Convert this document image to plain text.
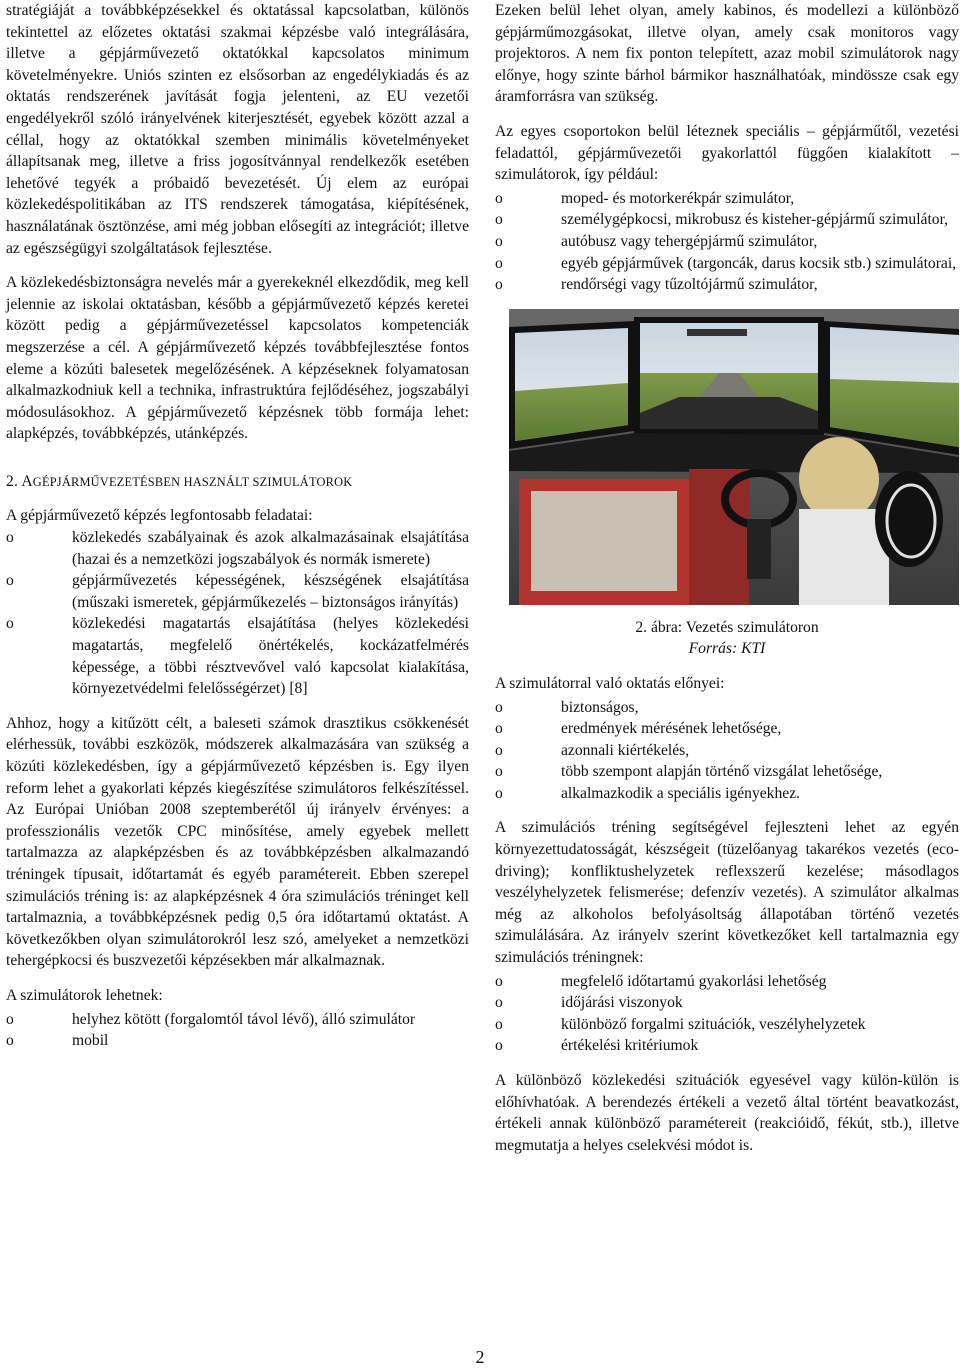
stratégiáját a továbbképzésekkel és oktatással kapcsolatban, különös tekintettel az előzetes oktatási szakmai képzésbe való integrálására, illetve a gépjárművezető oktatókkal kapcsolatos minimum követelményekre. Uniós szinten ez elsősorban az engedélykiadás és az oktatás rendszerének javítását fogja jelenteni, az EU vezetői engedélyekről szóló irányelvének kiterjesztését, egyebek között azzal a céllal, hogy az oktatókkal szemben minimális követelményeket állapítsanak meg, illetve a friss jogosítvánnyal rendelkezők esetében lehetővé tegyék a próbaidő bevezetését. Új elem az európai közlekedéspolitikában az ITS rendszerek támogatása, kiépítésének, használatának ösztönzése, ami még jobban elősegíti az integrációt; illetve az egészségügyi szolgáltatások fejlesztése.

A közlekedésbiztonságra nevelés már a gyerekeknél elkezdődik, meg kell jelennie az iskolai oktatásban, később a gépjárművezető képzés keretei között pedig a gépjárművezetéssel kapcsolatos kompetenciák megszerzése a cél. A gépjárművezető képzés továbbfejlesztése fontos eleme a közúti balesetek megelőzésének. A képzéseknek folyamatosan alkalmazkodniuk kell a technika, infrastruktúra fejlődéséhez, jogszabályi módosulásokhoz. A gépjárművezető képzésnek több formája lehet: alapképzés, továbbképzés, utánképzés.

2. AGÉPJÁRMŰVEZETÉSBEN HASZNÁLT SZIMULÁTOROK

A gépjárművezető képzés legfontosabb feladatai:

o	közlekedés szabályainak és azok alkalmazásainak elsajátítása (hazai és a nemzetközi jogszabályok és normák ismerete)
o	gépjárművezetés képességének, készségének elsajátítása (műszaki ismeretek, gépjárműkezelés – biztonságos irányítás)
o	közlekedési magatartás elsajátítása (helyes közlekedési magatartás, megfelelő önértékelés, kockázatfelmérés képessége, a többi résztvevővel való kapcsolat kialakítása, környezetvédelmi felelősségérzet) [8]

Ahhoz, hogy a kitűzött célt, a baleseti számok drasztikus csökkenését elérhessük, további eszközök, módszerek alkalmazására van szükség a közúti közlekedésben, így a gépjárművezető képzésben is. Egy ilyen reform lehet a gyakorlati képzés kiegészítése szimulátoros felkészítéssel. Az Európai Unióban 2008 szeptemberétől új irányelv érvényes: a professzionális vezetők CPC minősítése, amely egyebek mellett tartalmazza az alapképzésben és az továbbképzésben alkalmazandó tréningek típusait, időtartamát és egyéb paramétereit. Ebben szerepel szimulációs tréning is: az alapképzésnek 4 óra szimulációs tréninget kell tartalmaznia, a továbbképzésnek pedig 0,5 óra időtartamú oktatást. A következőkben olyan szimulátorokról lesz szó, amelyeket a nemzetközi tehergépkocsi és buszvezetői képzésekben már alkalmaznak.

A szimulátorok lehetnek:

o	helyhez kötött (forgalomtól távol lévő), álló szimulátor
o	mobil

Ezeken belül lehet olyan, amely kabinos, és modellezi a különböző gépjárműmozgásokat, illetve olyan, amely csak monitoros vagy projektoros. A nem fix ponton telepített, azaz mobil szimulátorok nagy előnye, hogy szinte bárhol bármikor használhatóak, mindössze csak egy áramforrásra van szükség.

Az egyes csoportokon belül léteznek speciális – gépjárműtől, vezetési feladattól, gépjárművezetői gyakorlattól függően kialakított – szimulátorok, így például:

o	moped- és motorkerékpár szimulátor,
o	személygépkocsi, mikrobusz és kisteher-gépjármű szimulátor,
o	autóbusz vagy tehergépjármű szimulátor,
o	egyéb gépjárművek (targoncák, darus kocsik stb.) szimulátorai,
o	rendőrségi vagy tűzoltójármű szimulátor,

2. ábra: Vezetés szimulátoron

Forrás: KTI

A szimulátorral való oktatás előnyei:

o	biztonságos,
o	eredmények mérésének lehetősége,
o	azonnali kiértékelés,
o	több szempont alapján történő vizsgálat lehetősége,
o	alkalmazkodik a speciális igényekhez.

A szimulációs tréning segítségével fejleszteni lehet az egyén környezettudatosságát, készségeit (tüzelőanyag takarékos vezetés (eco-driving); konfliktushelyzetek reflexszerű kezelése; másodlagos veszélyhelyzetek felismerése; defenzív vezetés). A szimulátor alkalmas még az alkoholos befolyásoltság állapotában történő vezetés szimulálására. Az irányelv szerint következőket kell tartalmaznia egy szimulációs tréningnek:

o	megfelelő időtartamú gyakorlási lehetőség
o	időjárási viszonyok
o	különböző forgalmi szituációk, veszélyhelyzetek
o	értékelési kritériumok

A különböző közlekedési szituációk egyesével vagy külön-külön is előhívhatóak. A berendezés értékeli a vezető által történt beavatkozást, értékeli annak különböző paramétereit (reakcióidő, fékút, stb.), illetve megmutatja a helyes cselekvési módot is.

2
